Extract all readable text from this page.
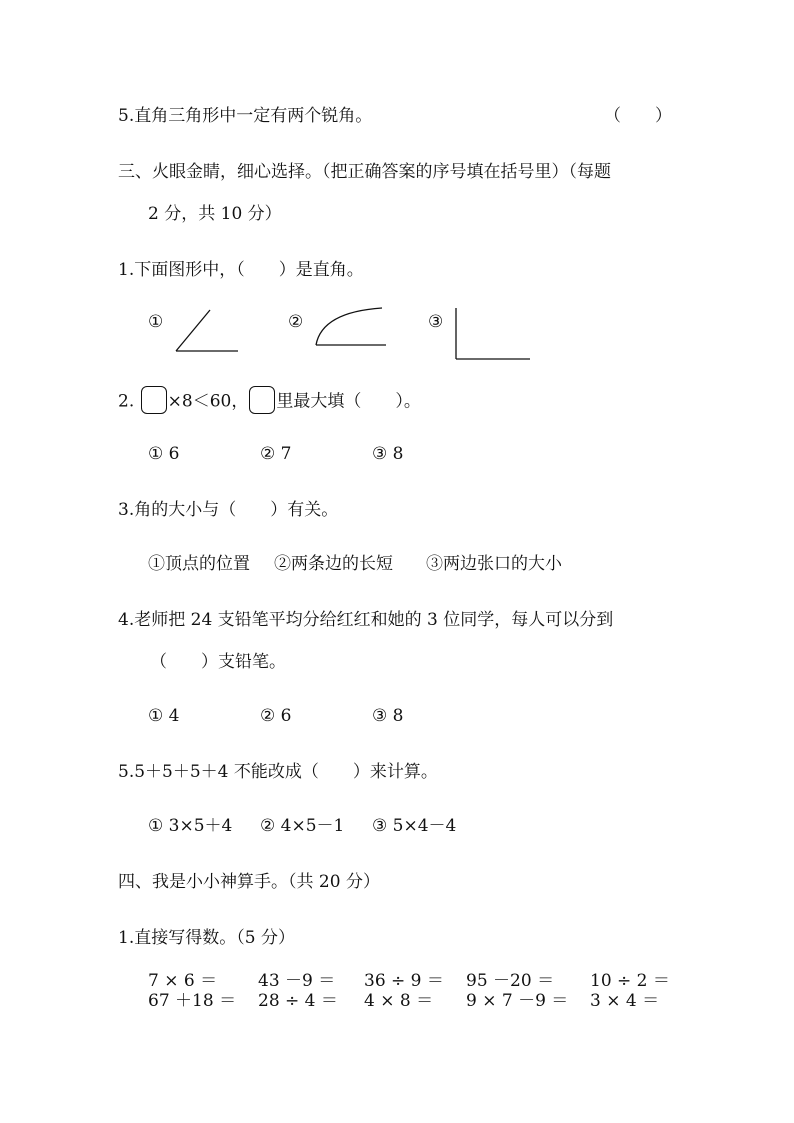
5.直角三角形中一定有两个锐角。	（　　）
三、火眼金睛，细心选择。（把正确答案的序号填在括号里）（每题
2 分，共 10 分）
1.下面图形中，（　　）是直角。
①	②	③
2. ×8＜60， 里最大填（　　）。
① 6	② 7	③ 8
3.角的大小与（　　）有关。
①顶点的位置 ②两条边的长短 ③两边张口的大小
4.老师把 24 支铅笔平均分给红红和她的 3 位同学，每人可以分到
（　　）支铅笔。
① 4	② 6	③ 8
5.5＋5＋5＋4 不能改成（　　）来计算。
① 3×5＋4 ② 4×5－1 ③ 5×4－4
四、我是小小神算手。（共 20 分）
1.直接写得数。（5 分）
7 × 6 ＝ 43 －9 ＝ 36 ÷ 9 ＝ 95 －20 ＝ 10 ÷ 2 ＝
67 ＋18 ＝ 28 ÷ 4 ＝ 4 × 8 ＝ 9 × 7 －9 ＝ 3 × 4 ＝
